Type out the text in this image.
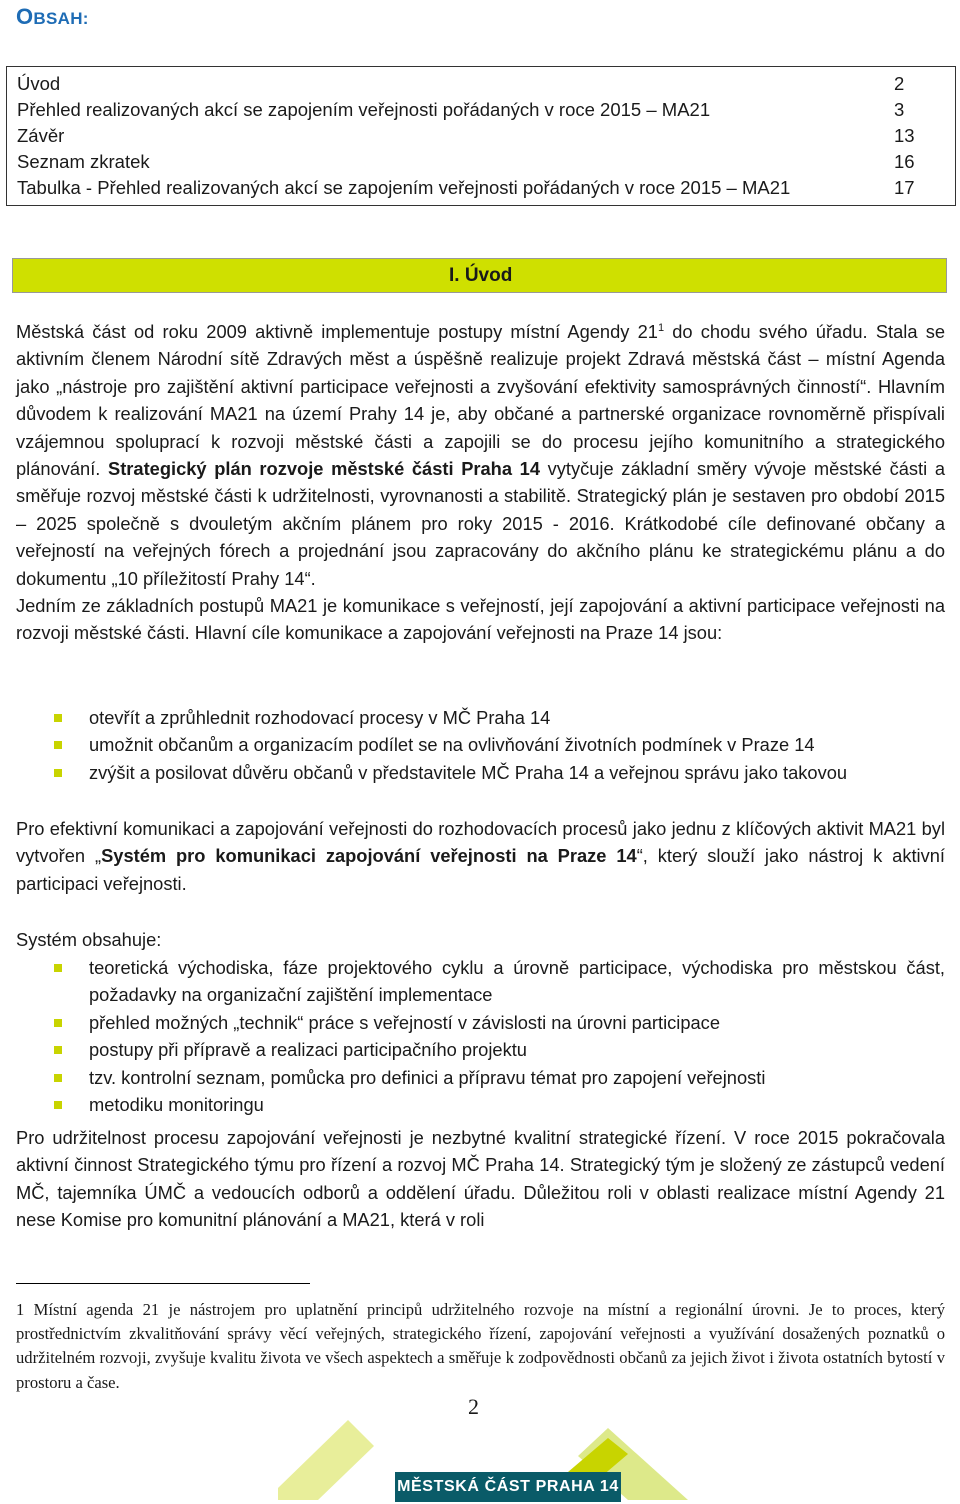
OBSAH:
Úvod	2
Přehled realizovaných akcí se zapojením veřejnosti pořádaných v roce 2015 – MA21	3
Závěr	13
Seznam zkratek	16
Tabulka - Přehled realizovaných akcí se zapojením veřejnosti pořádaných v roce 2015 – MA21	17
I. Úvod

Městská část od roku 2009 aktivně implementuje postupy místní Agendy $21^1$ do chodu svého úřadu. Stala se aktivním členem Národní sítě Zdravých měst a úspěšně realizuje projekt Zdravá městská část – místní Agenda jako „nástroje pro zajištění aktivní participace veřejnosti a zvyšování efektivity samosprávných činností“. Hlavním důvodem k realizování MA21 na území Prahy 14 je, aby občané a partnerské organizace rovnoměrně přispívali vzájemnou spoluprací k rozvoji městské části a zapojili se do procesu jejího komunitního a strategického plánování. Strategický plán rozvoje městské části Praha 14 vytyčuje základní směry vývoje městské části a směřuje rozvoj městské části k udržitelnosti, vyrovnanosti a stabilitě. Strategický plán je sestaven pro období 2015 – 2025 společně s dvouletým akčním plánem pro roky 2015 - 2016. Krátkodobé cíle definované občany a veřejností na veřejných fórech a projednání jsou zapracovány do akčního plánu ke strategickému plánu a do dokumentu „10 příležitostí Prahy 14“.

Jedním ze základních postupů MA21 je komunikace s veřejností, její zapojování a aktivní participace veřejnosti na rozvoji městské části. Hlavní cíle komunikace a zapojování veřejnosti na Praze 14 jsou:

otevřít a zprůhlednit rozhodovací procesy v MČ Praha 14
umožnit občanům a organizacím podílet se na ovlivňování životních podmínek v Praze 14
zvýšit a posilovat důvěru občanů v představitele MČ Praha 14 a veřejnou správu jako takovou

Pro efektivní komunikaci a zapojování veřejnosti do rozhodovacích procesů jako jednu z klíčových aktivit MA21 byl vytvořen „Systém pro komunikaci zapojování veřejnosti na Praze 14“, který slouží jako nástroj k aktivní participaci veřejnosti.

Systém obsahuje:
teoretická východiska, fáze projektového cyklu a úrovně participace, východiska pro městskou část, požadavky na organizační zajištění implementace
přehled možných „technik“ práce s veřejností v závislosti na úrovni participace
postupy při přípravě a realizaci participačního projektu
tzv. kontrolní seznam, pomůcka pro definici a přípravu témat pro zapojení veřejnosti
metodiku monitoringu
Pro udržitelnost procesu zapojování veřejnosti je nezbytné kvalitní strategické řízení. V roce 2015 pokračovala aktivní činnost Strategického týmu pro řízení a rozvoj MČ Praha 14. Strategický tým je složený ze zástupců vedení MČ, tajemníka ÚMČ a vedoucích odborů a oddělení úřadu. Důležitou roli v oblasti realizace místní Agendy 21 nese Komise pro komunitní plánování a MA21, která v roli
1 Místní agenda 21 je nástrojem pro uplatnění principů udržitelného rozvoje na místní a regionální úrovni. Je to proces, který prostřednictvím zkvalitňování správy věcí veřejných, strategického řízení, zapojování veřejnosti a využívání dosažených poznatků o udržitelném rozvoji, zvyšuje kvalitu života ve všech aspektech a směřuje k zodpovědnosti občanů za jejich život i života ostatních bytostí v prostoru a čase.
2
MĚSTSKÁ ČÁST PRAHA 14
